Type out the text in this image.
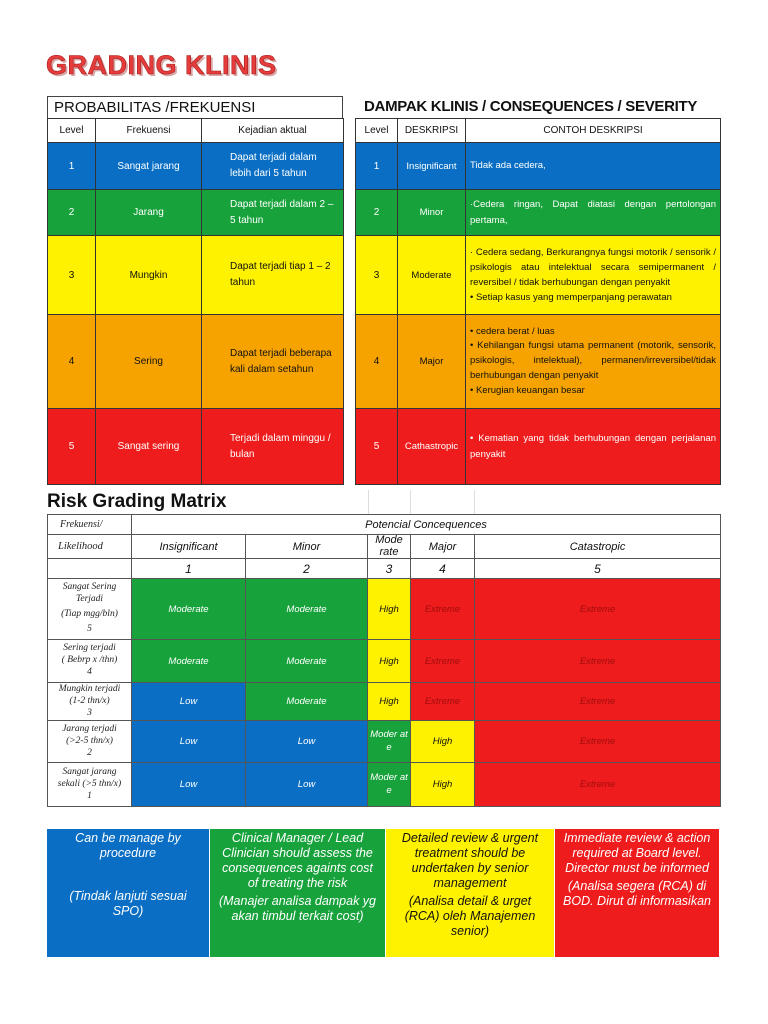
GRADING KLINIS
PROBABILITAS /FREKUENSI	DAMPAK KLINIS / CONSEQUENCES / SEVERITY
Level	Frekuensi	Kejadian aktual
1	Sangat jarang	Dapat terjadi dalam lebih dari 5 tahun
2	Jarang	Dapat terjadi dalam 2 – 5 tahun
3	Mungkin	Dapat terjadi tiap 1 – 2 tahun
4	Sering	Dapat terjadi beberapa kali dalam setahun
5	Sangat sering	Terjadi dalam minggu / bulan
Level	DESKRIPSI	CONTOH DESKRIPSI
1	Insignificant	Tidak ada cedera,

2	Minor	·Cedera ringan, Dapat diatasi dengan pertolongan pertama,

3	Moderate	· Cedera sedang, Berkurangnya fungsi motorik / sensorik / psikologis atau intelektual secara semipermanent / reversibel / tidak berhubungan dengan penyakit
• Setiap kasus yang memperpanjang perawatan

4	Major	• cedera berat / luas
• Kehilangan fungsi utama permanent (motorik, sensorik, psikologis, intelektual), permanen/irreversibel/tidak berhubungan dengan penyakit
• Kerugian keuangan besar

5	Cathastropic	• Kematian yang tidak berhubungan dengan perjalanan penyakit
Risk Grading Matrix
Frekuensi/	Potencial Concequences				
Likelihood	Insignificant	Minor	Mode rate	Major	Catastropic
	1	2	3	4	5

Sangat Sering
Terjadi
(Tiap mgg/bln)
5	Moderate	Moderate	High	Extreme	Extreme

Sering terjadi
( Bebrp x /thn)
4	Moderate	Moderate	High	Extreme	Extreme

Mungkin terjadi
(1-2 thn/x)
3	Low	Moderate	High	Extreme	Extreme

Jarang terjadi
(>2-5 thn/x)
2	Low	Low	Moder ate	High	Extreme

Sangat jarang
sekali (>5 thn/x)
1	Low	Low	Moder ate	High	Extreme

Can be manage by procedure

(Tindak lanjuti sesuai SPO)

Clinical Manager / Lead Clinician should assess the consequences againts cost of treating the risk

(Manajer analisa dampak yg akan timbul terkait cost)

Detailed review & urgent treatment should be undertaken by senior management

(Analisa detail & urget (RCA) oleh Manajemen senior)

Immediate review & action required at Board level. Director must be informed

(Analisa segera (RCA) di BOD. Dirut di informasikan
